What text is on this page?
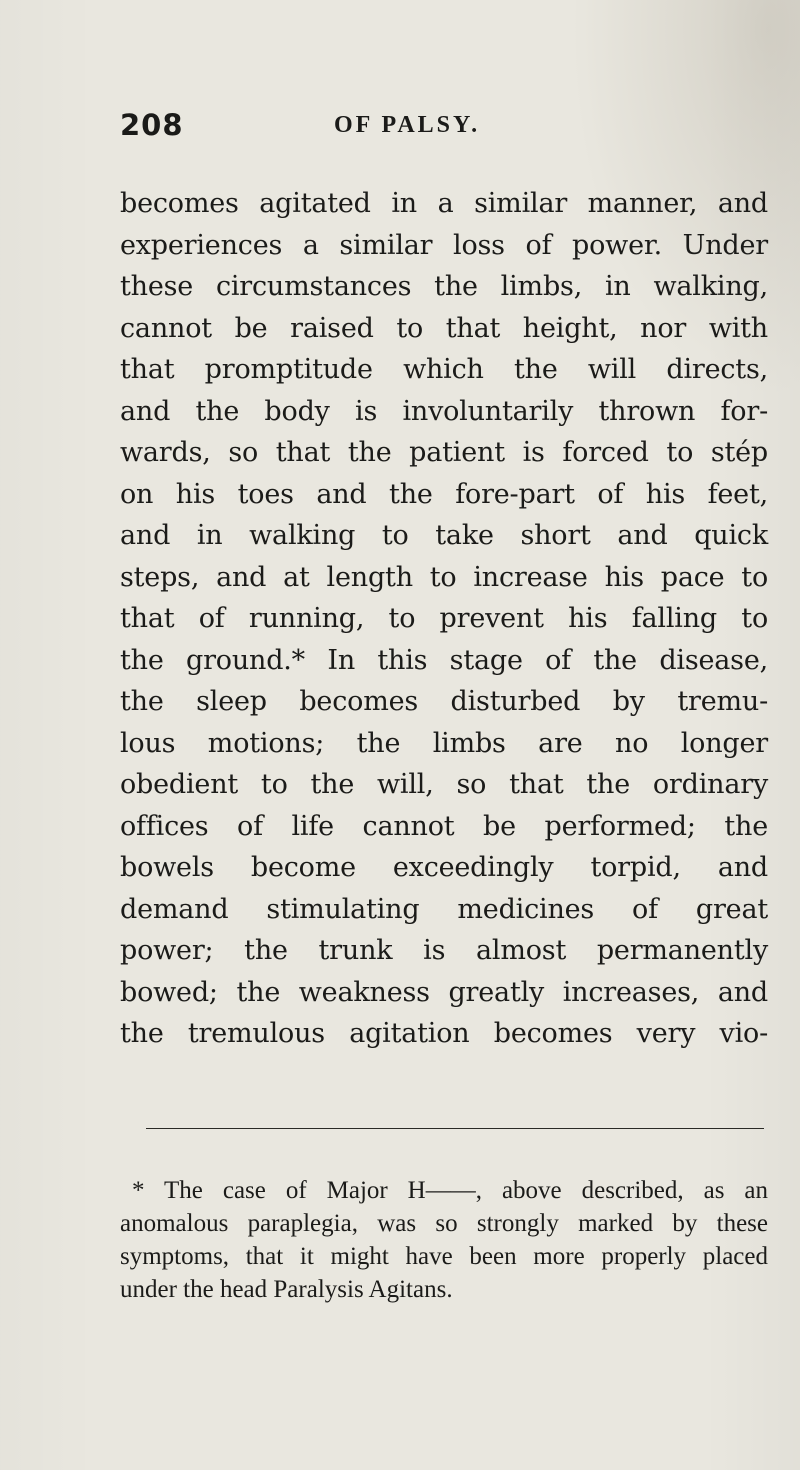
208	OF PALSY.
becomes agitated in a similar manner, and
experiences a similar loss of power. Under
these circumstances the limbs, in walking,
cannot be raised to that height, nor with
that promptitude which the will directs,
and the body is involuntarily thrown for-
wards, so that the patient is forced to stép
on his toes and the fore-part of his feet,
and in walking to take short and quick
steps, and at length to increase his pace to
that of running, to prevent his falling to
the ground.* In this stage of the disease,
the sleep becomes disturbed by tremu-
lous motions; the limbs are no longer
obedient to the will, so that the ordinary
offices of life cannot be performed; the
bowels become exceedingly torpid, and
demand stimulating medicines of great
power; the trunk is almost permanently
bowed; the weakness greatly increases, and
the tremulous agitation becomes very vio-
* The case of Major H——, above described, as an
anomalous paraplegia, was so strongly marked by these
symptoms, that it might have been more properly placed
under the head Paralysis Agitans.
